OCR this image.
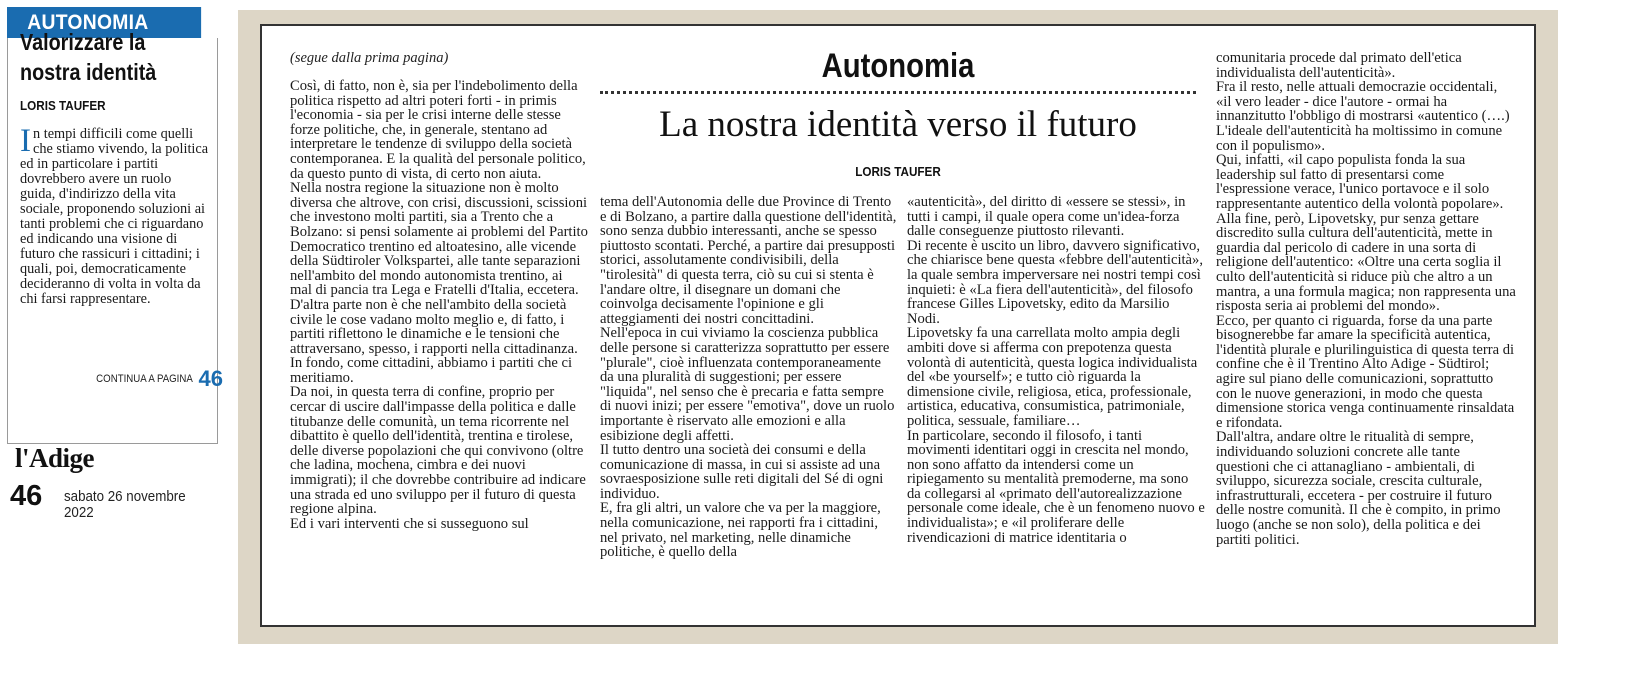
AUTONOMIA
Valorizzare la nostra identità
LORIS TAUFER
In tempi difficili come quelli che stiamo vivendo, la politica ed in particolare i partiti dovrebbero avere un ruolo guida, d'indirizzo della vita sociale, proponendo soluzioni ai tanti problemi che ci riguardano ed indicando una visione di futuro che rassicuri i cittadini; i quali, poi, democraticamente decideranno di volta in volta da chi farsi rappresentare.
CONTINUA A PAGINA 46
l'Adige
46 sabato 26 novembre 2022
(segue dalla prima pagina)	Autonomia
La nostra identità verso il futuro
LORIS TAUFER

Così, di fatto, non è, sia per l'indebolimento della politica rispetto ad altri poteri forti - in primis l'economia - sia per le crisi interne delle stesse forze politiche, che, in generale, stentano ad interpretare le tendenze di sviluppo della società contemporanea. E la qualità del personale politico, da questo punto di vista, di certo non aiuta.

Nella nostra regione la situazione non è molto diversa che altrove, con crisi, discussioni, scissioni che investono molti partiti, sia a Trento che a Bolzano: si pensi solamente ai problemi del Partito Democratico trentino ed altoatesino, alle vicende della Südtiroler Volkspartei, alle tante separazioni nell'ambito del mondo autonomista trentino, ai mal di pancia tra Lega e Fratelli d'Italia, eccetera.

D'altra parte non è che nell'ambito della società civile le cose vadano molto meglio e, di fatto, i partiti riflettono le dinamiche e le tensioni che attraversano, spesso, i rapporti nella cittadinanza. In fondo, come cittadini, abbiamo i partiti che ci meritiamo.

Da noi, in questa terra di confine, proprio per cercar di uscire dall'impasse della politica e dalle titubanze delle comunità, un tema ricorrente nel dibattito è quello dell'identità, trentina e tirolese, delle diverse popolazioni che qui convivono (oltre che ladina, mochena, cimbra e dei nuovi immigrati); il che dovrebbe contribuire ad indicare una strada ed uno sviluppo per il futuro di questa regione alpina.

Ed i vari interventi che si susseguono sul

tema dell'Autonomia delle due Province di Trento e di Bolzano, a partire dalla questione dell'identità, sono senza dubbio interessanti, anche se spesso piuttosto scontati. Perché, a partire dai presupposti storici, assolutamente condivisibili, della "tirolesità" di questa terra, ciò su cui si stenta è l'andare oltre, il disegnare un domani che coinvolga decisamente l'opinione e gli atteggiamenti dei nostri concittadini.

Nell'epoca in cui viviamo la coscienza pubblica delle persone si caratterizza soprattutto per essere "plurale", cioè influenzata contemporaneamente da una pluralità di suggestioni; per essere "liquida", nel senso che è precaria e fatta sempre di nuovi inizi; per essere "emotiva", dove un ruolo importante è riservato alle emozioni e alla esibizione degli affetti.

Il tutto dentro una società dei consumi e della comunicazione di massa, in cui si assiste ad una sovraesposizione sulle reti digitali del Sé di ogni individuo.

E, fra gli altri, un valore che va per la maggiore, nella comunicazione, nei rapporti fra i cittadini, nel privato, nel marketing, nelle dinamiche politiche, è quello della

«autenticità», del diritto di «essere se stessi», in tutti i campi, il quale opera come un'idea-forza dalle conseguenze piuttosto rilevanti.

Di recente è uscito un libro, davvero significativo, che chiarisce bene questa «febbre dell'autenticità», la quale sembra imperversare nei nostri tempi così inquieti: è «La fiera dell'autenticità», del filosofo francese Gilles Lipovetsky, edito da Marsilio Nodi.

Lipovetsky fa una carrellata molto ampia degli ambiti dove si afferma con prepotenza questa volontà di autenticità, questa logica individualista del «be yourself»; e tutto ciò riguarda la dimensione civile, religiosa, etica, professionale, artistica, educativa, consumistica, patrimoniale, politica, sessuale, familiare…

In particolare, secondo il filosofo, i tanti movimenti identitari oggi in crescita nel mondo, non sono affatto da intendersi come un ripiegamento su mentalità premoderne, ma sono da collegarsi al «primato dell'autorealizzazione personale come ideale, che è un fenomeno nuovo e individualista»; e «il proliferare delle rivendicazioni di matrice identitaria o

comunitaria procede dal primato dell'etica individualista dell'autenticità».

Fra il resto, nelle attuali democrazie occidentali, «il vero leader - dice l'autore - ormai ha innanzitutto l'obbligo di mostrarsi «autentico (….) L'ideale dell'autenticità ha moltissimo in comune con il populismo».

Qui, infatti, «il capo populista fonda la sua leadership sul fatto di presentarsi come l'espressione verace, l'unico portavoce e il solo rappresentante autentico della volontà popolare».

Alla fine, però, Lipovetsky, pur senza gettare discredito sulla cultura dell'autenticità, mette in guardia dal pericolo di cadere in una sorta di religione dell'autentico: «Oltre una certa soglia il culto dell'autenticità si riduce più che altro a un mantra, a una formula magica; non rappresenta una risposta seria ai problemi del mondo».

Ecco, per quanto ci riguarda, forse da una parte bisognerebbe far amare la specificità autentica, l'identità plurale e plurilinguistica di questa terra di confine che è il Trentino Alto Adige - Südtirol; agire sul piano delle comunicazioni, soprattutto con le nuove generazioni, in modo che questa dimensione storica venga continuamente rinsaldata e rifondata.

Dall'altra, andare oltre le ritualità di sempre, individuando soluzioni concrete alle tante questioni che ci attanagliano - ambientali, di sviluppo, sicurezza sociale, crescita culturale, infrastrutturali, eccetera - per costruire il futuro delle nostre comunità. Il che è compito, in primo luogo (anche se non solo), della politica e dei partiti politici.
